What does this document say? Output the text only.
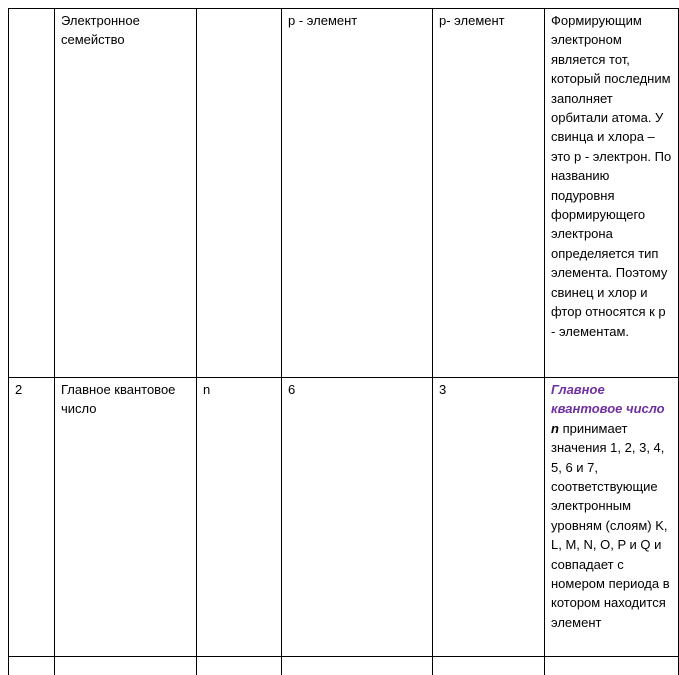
	Электронное семейство		р - элемент	р- элемент	Формирующим электроном является тот, который последним заполняет орбитали атома. У свинца и хлора – это р - электрон. По названию подуровня формирующего электрона определяется тип элемента. Поэтому свинец и хлор и фтор относятся к р - элементам.
2	Главное квантовое число	n	6	3	Главное квантовое число n принимает значения 1, 2, 3, 4, 5, 6 и 7, соответствующие электронным уровням (слоям) K, L, M, N, O, P и Q и совпадает с номером периода в котором находится элемент
